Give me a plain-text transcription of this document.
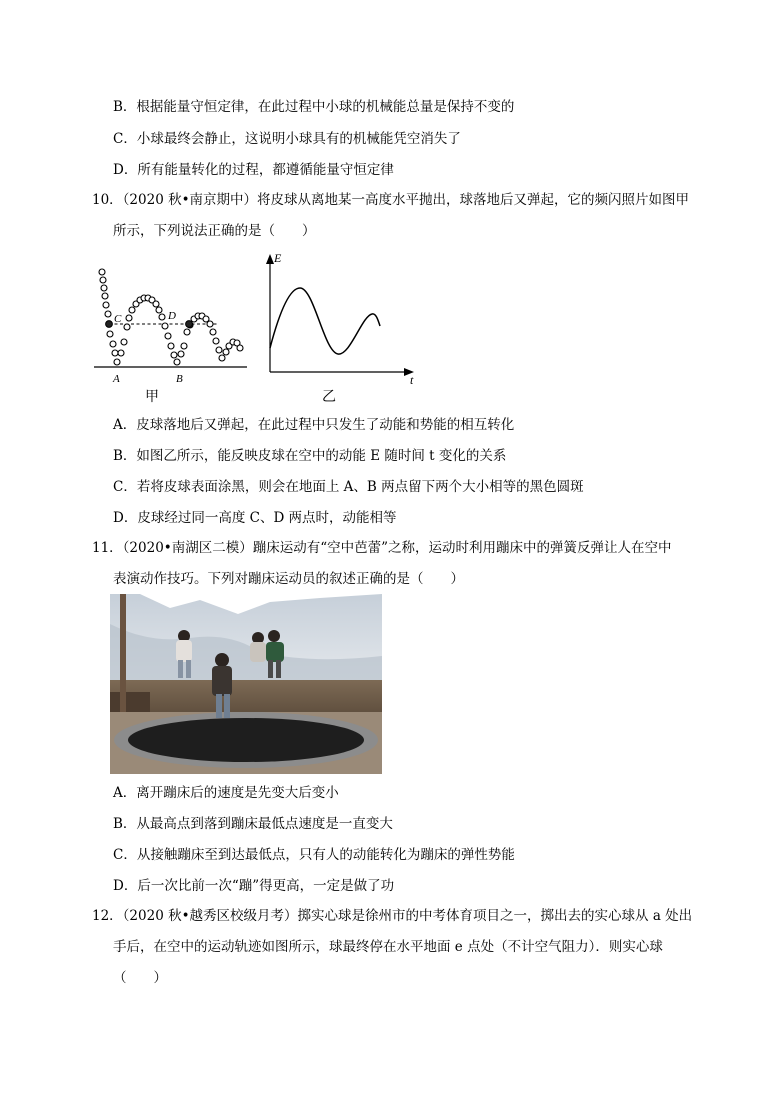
B．根据能量守恒定律，在此过程中小球的机械能总量是保持不变的
C．小球最终会静止，这说明小球具有的机械能凭空消失了
D．所有能量转化的过程，都遵循能量守恒定律
10．（2020 秋•南京期中）将皮球从离地某一高度水平抛出，球落地后又弹起，它的频闪照片如图甲
所示，下列说法正确的是（　　）
C	D
A	B
甲
E
t
乙
A．皮球落地后又弹起，在此过程中只发生了动能和势能的相互转化
B．如图乙所示，能反映皮球在空中的动能 E 随时间 t 变化的关系
C．若将皮球表面涂黑，则会在地面上 A、B 两点留下两个大小相等的黑色圆斑
D．皮球经过同一高度 C、D 两点时，动能相等
11．（2020•南湖区二模）蹦床运动有“空中芭蕾”之称，运动时利用蹦床中的弹簧反弹让人在空中
表演动作技巧。下列对蹦床运动员的叙述正确的是（　　）
A．离开蹦床后的速度是先变大后变小
B．从最高点到落到蹦床最低点速度是一直变大
C．从接触蹦床至到达最低点，只有人的动能转化为蹦床的弹性势能
D．后一次比前一次“蹦”得更高，一定是做了功
12．（2020 秋•越秀区校级月考）掷实心球是徐州市的中考体育项目之一，掷出去的实心球从 a 处出
手后，在空中的运动轨迹如图所示，球最终停在水平地面 e 点处（不计空气阻力）．则实心球
（　　）
